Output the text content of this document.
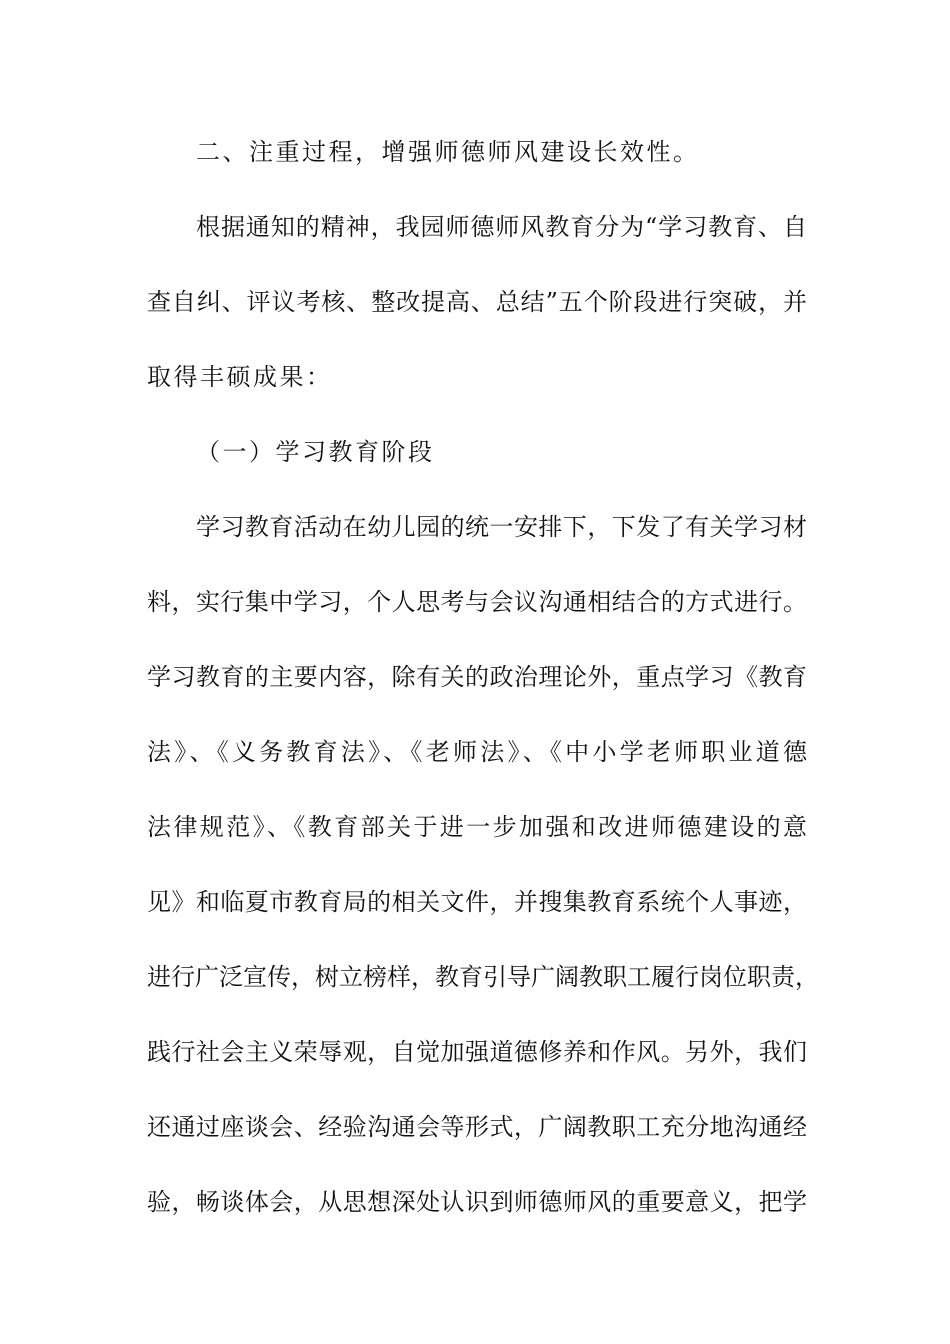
二、注重过程，增强师德师风建设长效性。
根据通知的精神，我园师德师风教育分为“学习教育、自
查自纠、评议考核、整改提高、总结”五个阶段进行突破，并
取得丰硕成果：
（一）学习教育阶段
学习教育活动在幼儿园的统一安排下，下发了有关学习材
料，实行集中学习，个人思考与会议沟通相结合的方式进行。
学习教育的主要内容，除有关的政治理论外，重点学习《教育
法》、《义务教育法》、《老师法》、《中小学老师职业道德
法律规范》、《教育部关于进一步加强和改进师德建设的意
见》和临夏市教育局的相关文件，并搜集教育系统个人事迹，
进行广泛宣传，树立榜样，教育引导广阔教职工履行岗位职责，
践行社会主义荣辱观，自觉加强道德修养和作风。另外，我们
还通过座谈会、经验沟通会等形式，广阔教职工充分地沟通经
验，畅谈体会，从思想深处认识到师德师风的重要意义，把学
